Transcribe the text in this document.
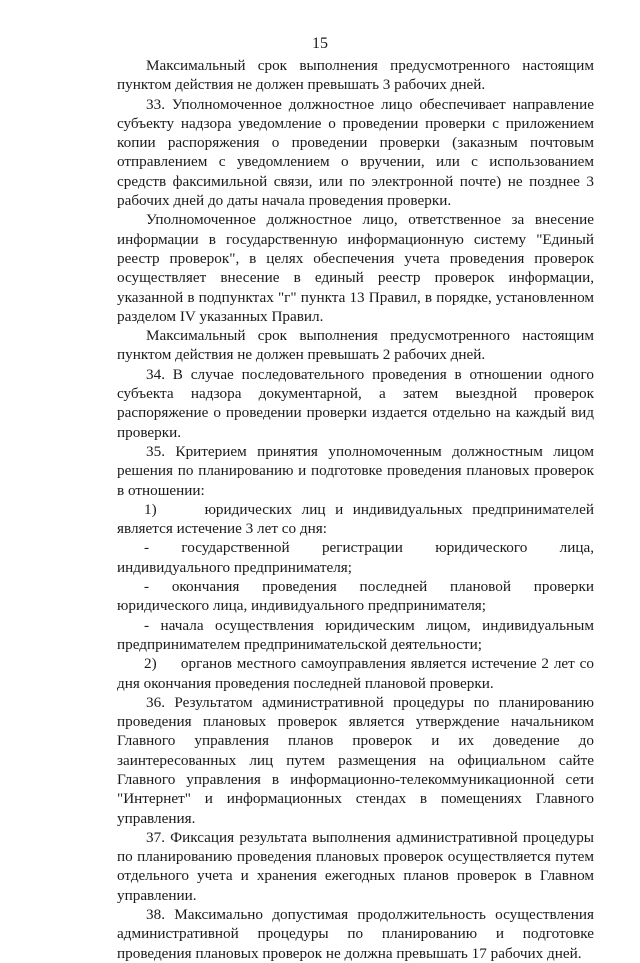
15

Максимальный срок выполнения предусмотренного настоящим пунктом действия не должен превышать 3 рабочих дней.

33. Уполномоченное должностное лицо обеспечивает направление субъекту надзора уведомление о проведении проверки с приложением копии распоряжения о проведении проверки (заказным почтовым отправлением с уведомлением о вручении, или с использованием средств факсимильной связи, или по электронной почте) не позднее 3 рабочих дней до даты начала проведения проверки.

Уполномоченное должностное лицо, ответственное за внесение информации в государственную информационную систему "Единый реестр проверок", в целях обеспечения учета проведения проверок осуществляет внесение в единый реестр проверок информации, указанной в подпунктах "г" пункта 13 Правил, в порядке, установленном разделом IV указанных Правил.

Максимальный срок выполнения предусмотренного настоящим пунктом действия не должен превышать 2 рабочих дней.

34. В случае последовательного проведения в отношении одного субъекта надзора документарной, а затем выездной проверок распоряжение о проведении проверки издается отдельно на каждый вид проверки.

35. Критерием принятия уполномоченным должностным лицом решения по планированию и подготовке проведения плановых проверок в отношении:

1)     юридических лиц и индивидуальных предпринимателей является истечение 3 лет со дня:

- государственной регистрации юридического лица, индивидуального предпринимателя;

- окончания проведения последней плановой проверки юридического лица, индивидуального предпринимателя;

- начала осуществления юридическим лицом, индивидуальным предпринимателем предпринимательской деятельности;

2)     органов местного самоуправления является истечение 2 лет со дня окончания проведения последней плановой проверки.

36. Результатом административной процедуры по планированию проведения плановых проверок является утверждение начальником Главного управления планов проверок и их доведение до заинтересованных лиц путем размещения на официальном сайте Главного управления в информационно-телекоммуникационной сети "Интернет" и информационных стендах в помещениях Главного управления.

37. Фиксация результата выполнения административной процедуры по планированию проведения плановых проверок осуществляется путем отдельного учета и хранения ежегодных планов проверок в Главном управлении.

38. Максимально допустимая продолжительность осуществления административной процедуры по планированию и подготовке проведения плановых проверок не должна превышать 17 рабочих дней.
